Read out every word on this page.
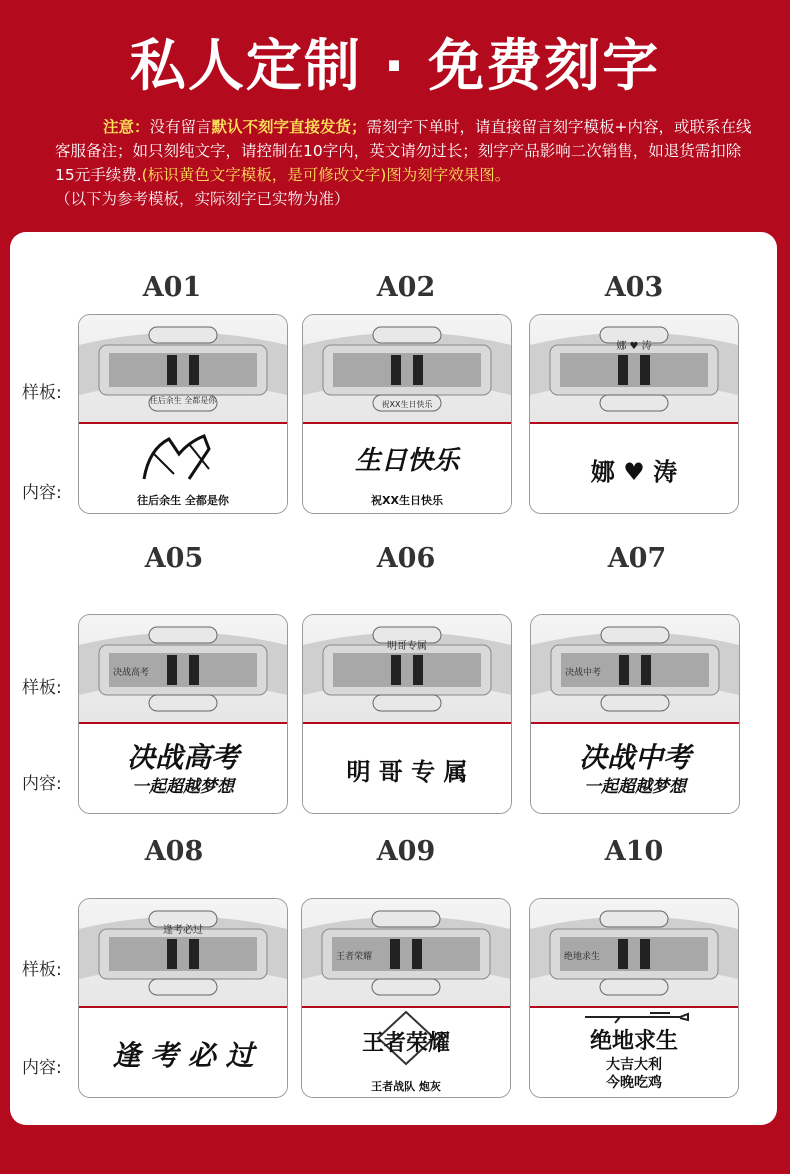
私人定制 · 免费刻字
注意：没有留言默认不刻字直接发货；需刻字下单时，请直接留言刻字模板+内容，或联系在线客服备注；如只刻纯文字，请控制在10字内，英文请勿过长；刻字产品影响二次销售，如退货需扣除15元手续费.(标识黄色文字模板，是可修改文字)图为刻字效果图。
（以下为参考模板，实际刻字已实物为准）
样板:
内容:
样板:
内容:
样板:
内容:
A01	A02	A03
A05	A06	A07
A08	A09	A10
往后余生 全都是你
往后余生 全都是你
祝XX生日快乐
生日快乐
祝XX生日快乐
娜 ♥ 涛
娜 ♥ 涛
决战高考
决战高考
一起超越梦想
明哥专属
明 哥 专 属
决战中考
决战中考
一起超越梦想
逢考必过
逢 考 必 过
王者荣耀
王者荣耀
王者战队 炮灰
绝地求生
绝地求生
大吉大利
今晚吃鸡
